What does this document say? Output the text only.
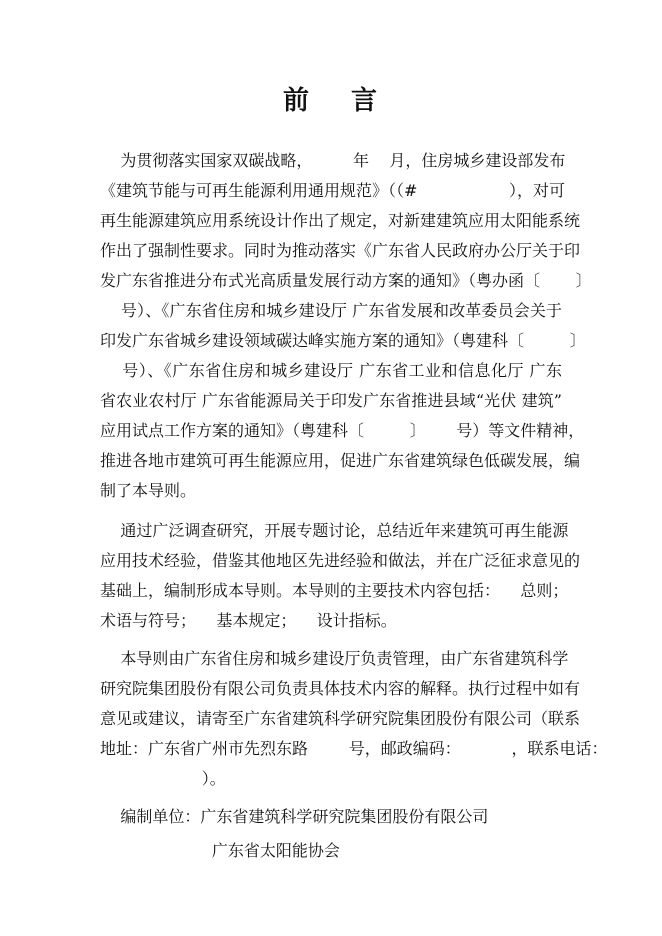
前 言
为贯彻落实国家双碳战略，        年    月，住房城乡建设部发布
《建筑节能与可再生能源利用通用规范》（（#                  ），对可
再生能源建筑应用系统设计作出了规定，对新建建筑应用太阳能系统
作出了强制性要求。同时为推动落实《广东省人民政府办公厅关于印
发广东省推进分布式光高质量发展行动方案的通知》（粤办函〔       〕
号）、《广东省住房和城乡建设厅 广东省发展和改革委员会关于
印发广东省城乡建设领域碳达峰实施方案的通知》（粤建科〔         〕
号）、《广东省住房和城乡建设厅 广东省工业和信息化厅 广东
省农业农村厅 广东省能源局关于印发广东省推进县域“光伏 建筑”
应用试点工作方案的通知》（粤建科〔         〕      号）等文件精神，
推进各地市建筑可再生能源应用，促进广东省建筑绿色低碳发展，编
制了本导则。
通过广泛调查研究，开展专题讨论，总结近年来建筑可再生能源
应用技术经验，借鉴其他地区先进经验和做法，并在广泛征求意见的
基础上，编制形成本导则。本导则的主要技术内容包括：    总则；
术语与符号；    基本规定；    设计指标。
本导则由广东省住房和城乡建设厅负责管理，由广东省建筑科学
研究院集团股份有限公司负责具体技术内容的解释。执行过程中如有
意见或建议，请寄至广东省建筑科学研究院集团股份有限公司（联系
地址：广东省广州市先烈东路        号，邮政编码：          ，联系电话：
）。
编制单位：广东省建筑科学研究院集团股份有限公司
广东省太阳能协会
